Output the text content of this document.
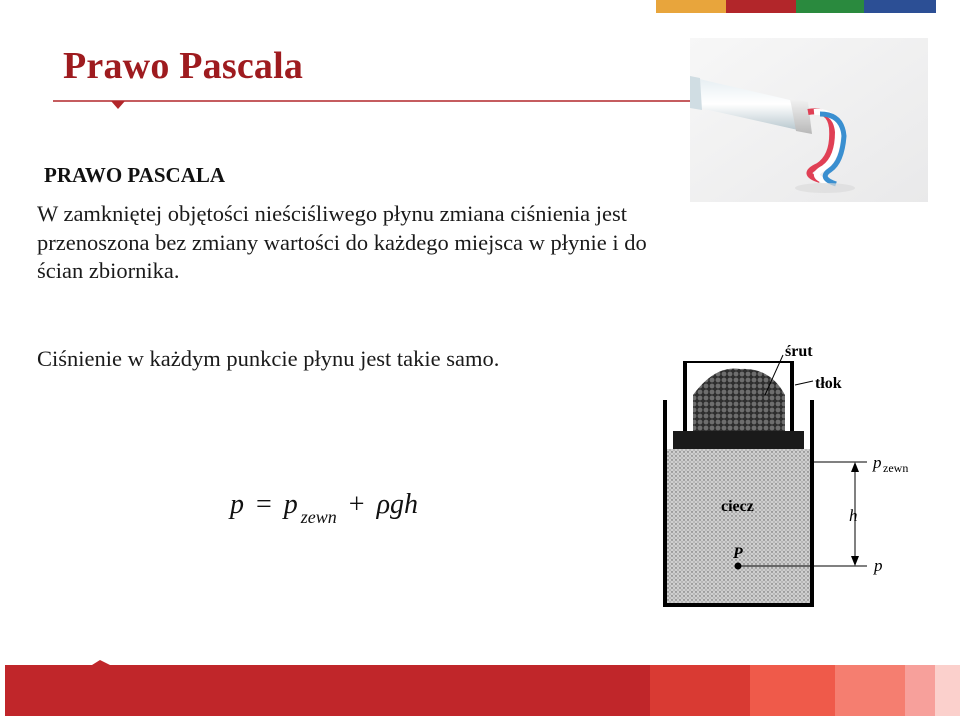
Prawo Pascala
PRAWO PASCALA
W zamkniętej objętości nieściśliwego płynu zmiana ciśnienia jest przenoszona bez zmiany wartości do każdego miejsca w płynie i do ścian zbiornika.
Ciśnienie w każdym punkcie płynu jest takie samo.
p = p $_{zewn}$ + ρgh
śrut
tłok
ciecz
P
p zewn
h
p
